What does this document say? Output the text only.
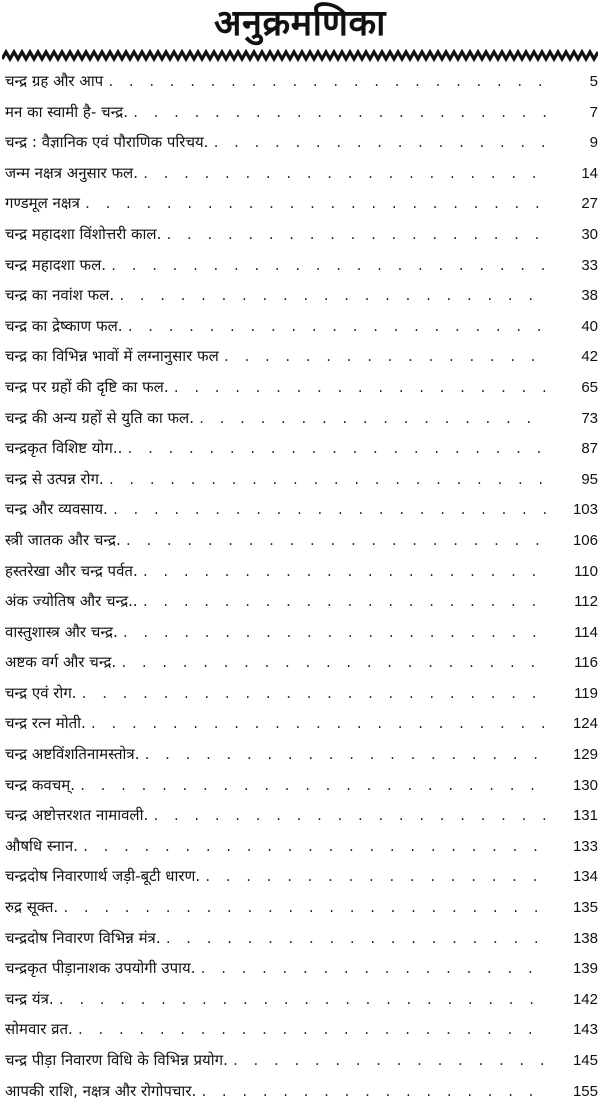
अनुक्रमणिका
चन्द्र ग्रह और आप . . .	5
मन का स्वामी है- चन्द्र. . . .	7
चन्द्र : वैज्ञानिक एवं पौराणिक परिचय. . . .	9
जन्म नक्षत्र अनुसार फल. . . .	14
गण्डमूल नक्षत्र . . .	27
चन्द्र महादशा विंशोत्तरी काल. . . .	30
चन्द्र महादशा फल. . . .	33
चन्द्र का नवांश फल. . . .	38
चन्द्र का द्रेष्काण फल. . . .	40
चन्द्र का विभिन्न भावों में लग्नानुसार फल . . .	42
चन्द्र पर ग्रहों की दृष्टि का फल. . . .	65
चन्द्र की अन्य ग्रहों से युति का फल. . . .	73
चन्द्रकृत विशिष्ट योग.. . . .	87
चन्द्र से उत्पन्न रोग. . . .	95
चन्द्र और व्यवसाय. . . .	103
स्त्री जातक और चन्द्र. . . .	106
हस्तरेखा और चन्द्र पर्वत. . . .	110
अंक ज्योतिष और चन्द्र.. . . .	112
वास्तुशास्त्र और चन्द्र. . . .	114
अष्टक वर्ग और चन्द्र. . . .	116
चन्द्र एवं रोग. . . .	119
चन्द्र रत्न मोती. . . .	124
चन्द्र अष्टविंशतिनामस्तोत्र. . . .	129
चन्द्र कवचम्. . . .	130
चन्द्र अष्टोत्तरशत नामावली. . . .	131
औषधि स्नान. . . .	133
चन्द्रदोष निवारणार्थ जड़ी-बूटी धारण. . . .	134
रुद्र सूक्त. . . .	135
चन्द्रदोष निवारण विभिन्न मंत्र. . . .	138
चन्द्रकृत पीड़ानाशक उपयोगी उपाय. . . .	139
चन्द्र यंत्र. . . .	142
सोमवार व्रत. . . .	143
चन्द्र पीड़ा निवारण विधि के विभिन्न प्रयोग. . . .	145
आपकी राशि, नक्षत्र और रोगोपचार. . . .	155
